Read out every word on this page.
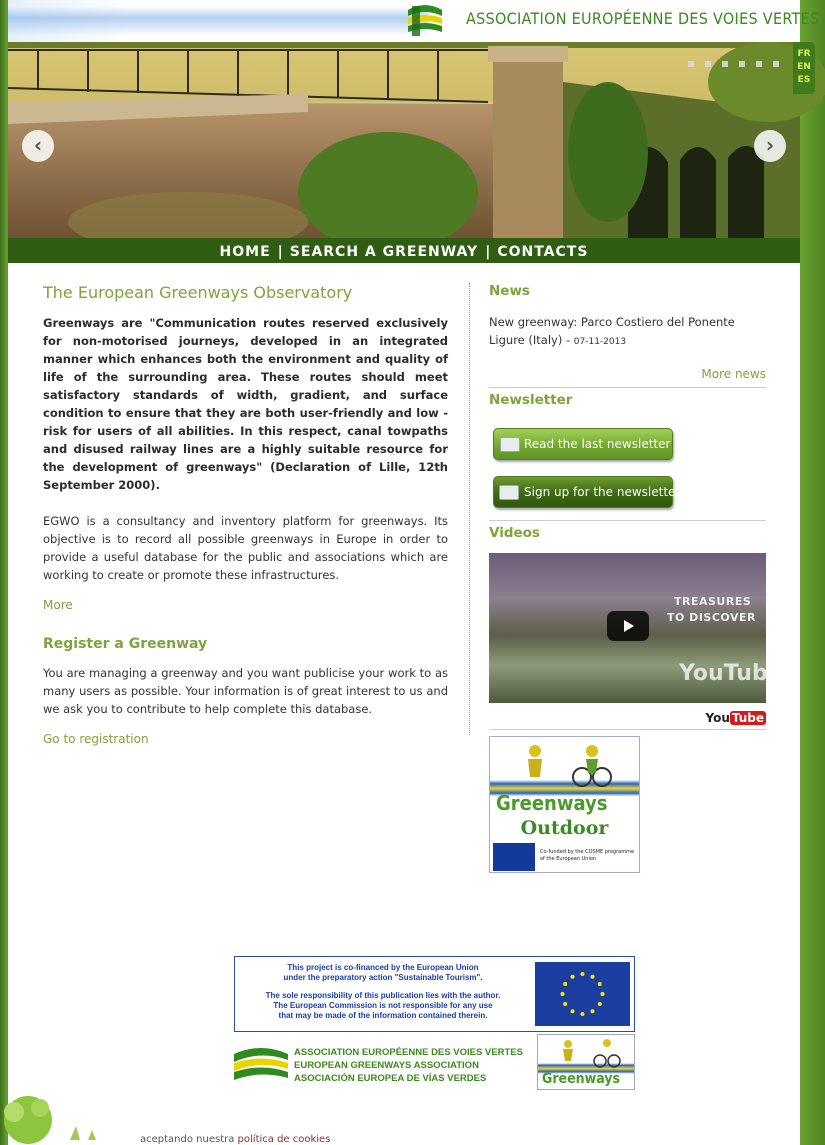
ASSOCIATION EUROPÉENNE DES VOIES VERTES
‹	›
HOME | SEARCH A GREENWAY | CONTACTS
The European Greenways Observatory

Greenways are "Communication routes reserved exclusively for non-motorised journeys, developed in an integrated manner which enhances both the environment and quality of life of the surrounding area. These routes should meet satisfactory standards of width, gradient, and surface condition to ensure that they are both user-friendly and low -risk for users of all abilities. In this respect, canal towpaths and disused railway lines are a highly suitable resource for the development of greenways" (Declaration of Lille, 12th September 2000).

EGWO is a consultancy and inventory platform for greenways. Its objective is to record all possible greenways in Europe in order to provide a useful database for the public and associations which are working to create or promote these infrastructures.

More
Register a Greenway

You are managing a greenway and you want publicise your work to as many users as possible. Your information is of great interest to us and we ask you to contribute to help complete this database.

Go to registration
News
New greenway: Parco Costiero del Ponente Ligure (Italy) - 07-11-2013
More news
Newsletter
Read the last newsletter
Sign up for the newsletter
Videos
TREASURES
TO DISCOVER
YouTube
You Tube
Greenways
Outdoor
Co-funded by the COSME programme of the European Union
This project is co-financed by the European Union
under the preparatory action "Sustainable Tourism".
The sole responsibility of this publication lies with the author.
The European Commission is not responsible for any use
that may be made of the information contained therein.
ASSOCIATION EUROPÉENNE DES VOIES VERTES
EUROPEAN GREENWAYS ASSOCIATION
ASOCIACIÓN EUROPEA DE VÍAS VERDES	Greenways
aceptando nuestra política de cookies
FR
EN
ES
